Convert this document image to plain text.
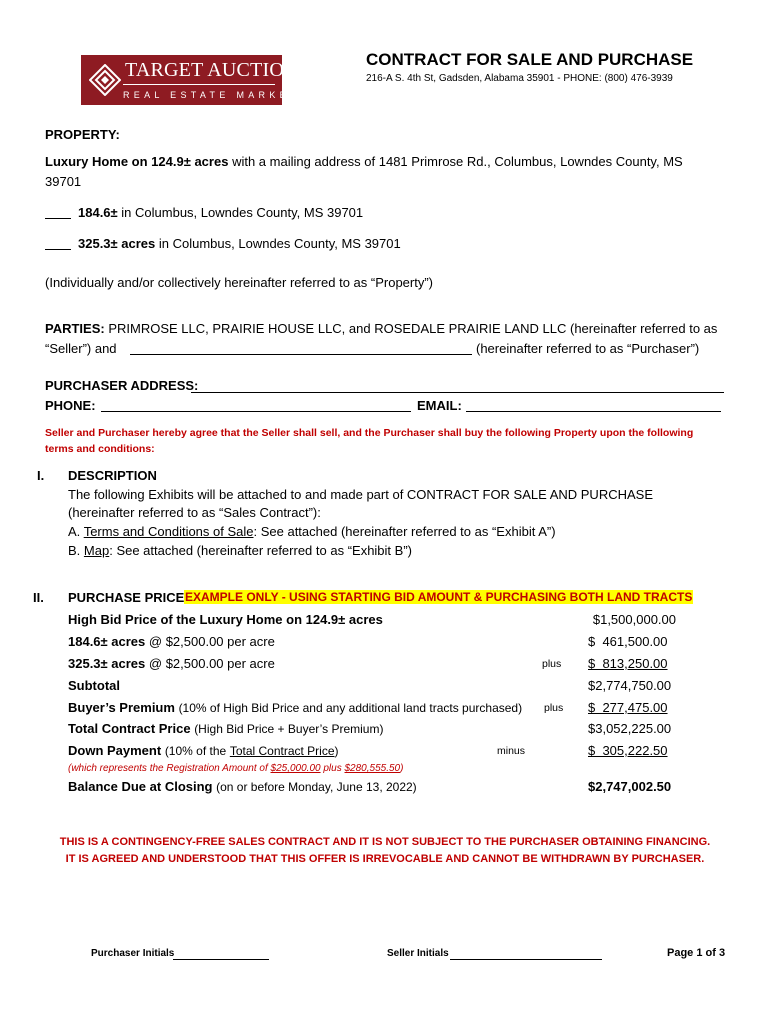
TARGET AUCTION
REAL ESTATE MARKETING
CONTRACT FOR SALE AND PURCHASE
216-A S. 4th St, Gadsden, Alabama 35901 - PHONE: (800) 476-3939
PROPERTY:
Luxury Home on 124.9± acres with a mailing address of 1481 Primrose Rd., Columbus, Lowndes County, MS
39701
184.6± in Columbus, Lowndes County, MS 39701
325.3± acres in Columbus, Lowndes County, MS 39701
(Individually and/or collectively hereinafter referred to as “Property”)
PARTIES: PRIMROSE LLC, PRAIRIE HOUSE LLC, and ROSEDALE PRAIRIE LAND LLC (hereinafter referred to as
“Seller”) and	(hereinafter referred to as “Purchaser”)
PURCHASER ADDRESS:
PHONE:	EMAIL:
Seller and Purchaser hereby agree that the Seller shall sell, and the Purchaser shall buy the following Property upon the following
terms and conditions:
I. DESCRIPTION
The following Exhibits will be attached to and made part of CONTRACT FOR SALE AND PURCHASE
(hereinafter referred to as “Sales Contract”):
A. Terms and Conditions of Sale: See attached (hereinafter referred to as “Exhibit A”)
B. Map: See attached (hereinafter referred to as “Exhibit B”)
II. PURCHASE PRICE EXAMPLE ONLY - USING STARTING BID AMOUNT & PURCHASING BOTH LAND TRACTS
High Bid Price of the Luxury Home on 124.9± acres	$1,500,000.00
184.6± acres @ $2,500.00 per acre	$  461,500.00
325.3± acres @ $2,500.00 per acre	plus $  813,250.00
Subtotal	$2,774,750.00
Buyer’s Premium (10% of High Bid Price and any additional land tracts purchased) plus $  277,475.00
Total Contract Price (High Bid Price + Buyer’s Premium)	$3,052,225.00
Down Payment (10% of the Total Contract Price)	minus	$  305,222.50
(which represents the Registration Amount of $25,000.00 plus $280,555.50)
Balance Due at Closing (on or before Monday, June 13, 2022)	$2,747,002.50
THIS IS A CONTINGENCY-FREE SALES CONTRACT AND IT IS NOT SUBJECT TO THE PURCHASER OBTAINING FINANCING.
IT IS AGREED AND UNDERSTOOD THAT THIS OFFER IS IRREVOCABLE AND CANNOT BE WITHDRAWN BY PURCHASER.
Purchaser Initials	Seller Initials	Page 1 of 3
